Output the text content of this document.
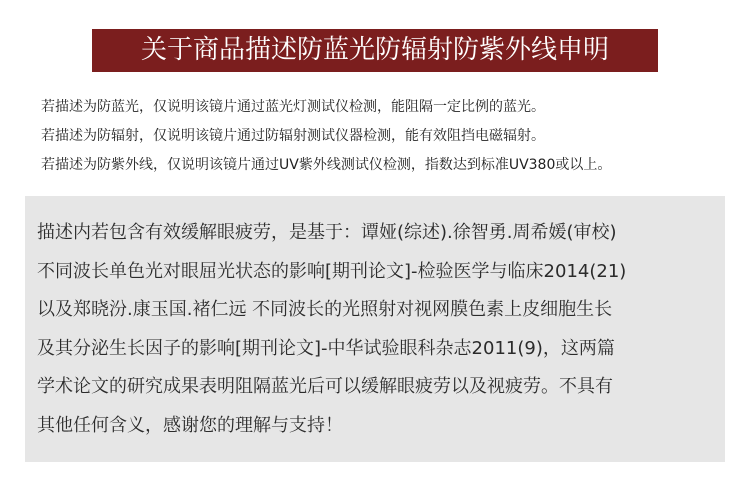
关于商品描述防蓝光防辐射防紫外线申明
若描述为防蓝光，仅说明该镜片通过蓝光灯测试仪检测，能阻隔一定比例的蓝光。
若描述为防辐射，仅说明该镜片通过防辐射测试仪器检测，能有效阻挡电磁辐射。
若描述为防紫外线，仅说明该镜片通过UV紫外线测试仪检测，指数达到标准UV380或以上。
描述内若包含有效缓解眼疲劳，是基于：谭娅(综述).徐智勇.周希媛(审校)
不同波长单色光对眼屈光状态的影响[期刊论文]-检验医学与临床2014(21)
以及郑晓汾.康玉国.褚仁远 不同波长的光照射对视网膜色素上皮细胞生长
及其分泌生长因子的影响[期刊论文]-中华试验眼科杂志2011(9)，这两篇
学术论文的研究成果表明阻隔蓝光后可以缓解眼疲劳以及视疲劳。不具有
其他任何含义，感谢您的理解与支持！
